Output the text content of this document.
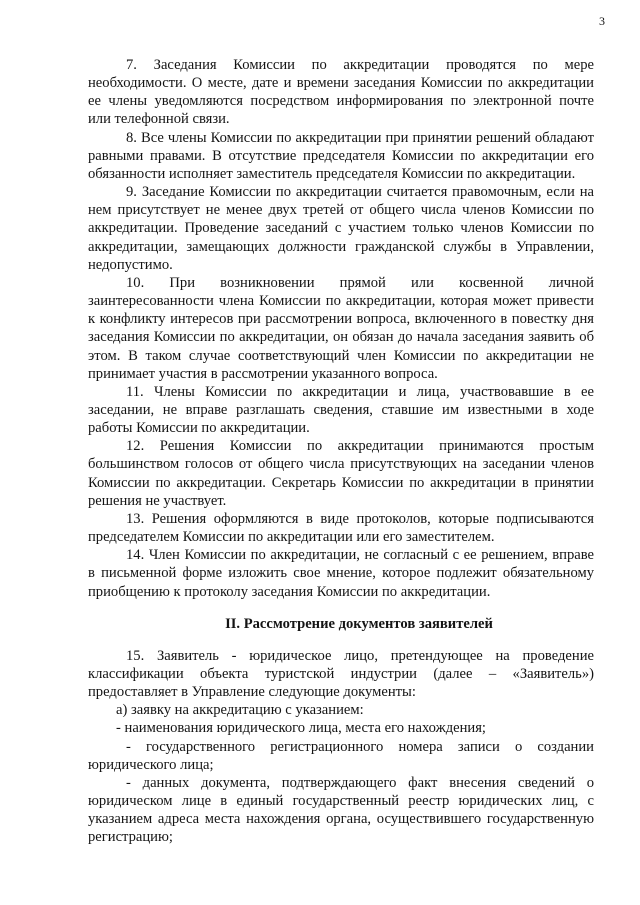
3

7. Заседания Комиссии по аккредитации проводятся по мере необходимости. О месте, дате и времени заседания Комиссии по аккредитации ее члены уведомляются посредством информирования по электронной почте или телефонной связи.

8. Все члены Комиссии по аккредитации при принятии решений обладают равными правами. В отсутствие председателя Комиссии по аккредитации его обязанности исполняет заместитель председателя Комиссии по аккредитации.

9. Заседание Комиссии по аккредитации считается правомочным, если на нем присутствует не менее двух третей от общего числа членов Комиссии по аккредитации. Проведение заседаний с участием только членов Комиссии по аккредитации, замещающих должности гражданской службы в Управлении, недопустимо.

10. При возникновении прямой или косвенной личной заинтересованности члена Комиссии по аккредитации, которая может привести к конфликту интересов при рассмотрении вопроса, включенного в повестку дня заседания Комиссии по аккредитации, он обязан до начала заседания заявить об этом. В таком случае соответствующий член Комиссии по аккредитации не принимает участия в рассмотрении указанного вопроса.

11. Члены Комиссии по аккредитации и лица, участвовавшие в ее заседании, не вправе разглашать сведения, ставшие им известными в ходе работы Комиссии по аккредитации.

12. Решения Комиссии по аккредитации принимаются простым большинством голосов от общего числа присутствующих на заседании членов Комиссии по аккредитации. Секретарь Комиссии по аккредитации в принятии решения не участвует.

13. Решения оформляются в виде протоколов, которые подписываются председателем Комиссии по аккредитации или его заместителем.

14. Член Комиссии по аккредитации, не согласный с ее решением, вправе в письменной форме изложить свое мнение, которое подлежит обязательному приобщению к протоколу заседания Комиссии по аккредитации.

II. Рассмотрение документов заявителей

15. Заявитель - юридическое лицо, претендующее на проведение классификации объекта туристской индустрии (далее – «Заявитель») предоставляет в Управление следующие документы:

а) заявку на аккредитацию с указанием:

- наименования юридического лица, места его нахождения;

- государственного регистрационного номера записи о создании юридического лица;

- данных документа, подтверждающего факт внесения сведений о юридическом лице в единый государственный реестр юридических лиц, с указанием адреса места нахождения органа, осуществившего государственную регистрацию;
